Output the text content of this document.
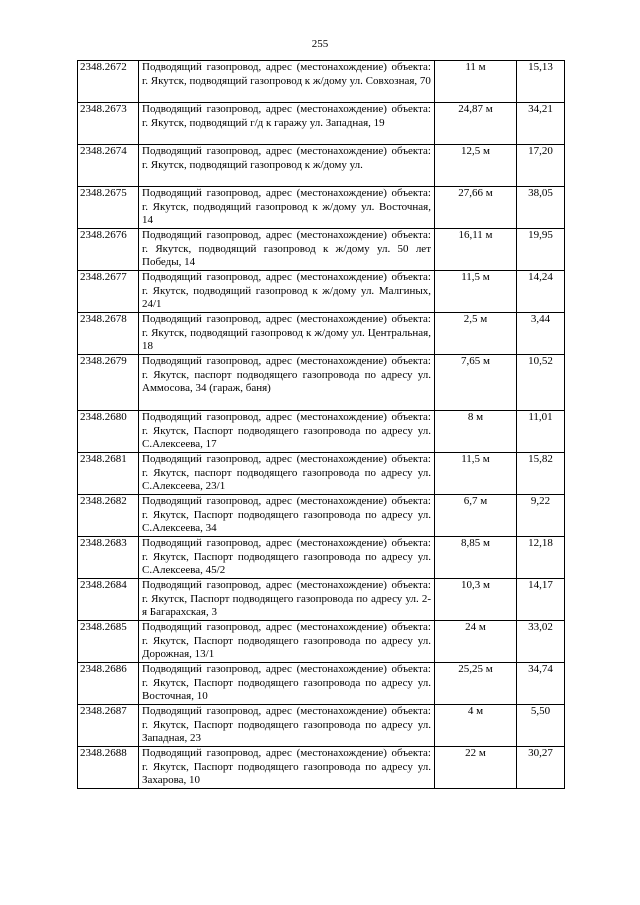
255
2348.2672	Подводящий газопровод, адрес (местонахождение) объекта: г. Якутск, подводящий газопровод к ж/дому ул. Совхозная, 70	11 м	15,13
2348.2673	Подводящий газопровод, адрес (местонахождение) объекта: г. Якутск, подводящий г/д к гаражу ул. Западная, 19	24,87 м	34,21
2348.2674	Подводящий газопровод, адрес (местонахождение) объекта: г. Якутск, подводящий газопровод к ж/дому ул.	12,5 м	17,20
2348.2675	Подводящий газопровод, адрес (местонахождение) объекта: г. Якутск, подводящий газопровод к ж/дому ул. Восточная, 14	27,66 м	38,05
2348.2676	Подводящий газопровод, адрес (местонахождение) объекта: г. Якутск, подводящий газопровод к ж/дому ул. 50 лет Победы, 14	16,11 м	19,95
2348.2677	Подводящий газопровод, адрес (местонахождение) объекта: г. Якутск, подводящий газопровод к ж/дому ул. Малгиных, 24/1	11,5 м	14,24
2348.2678	Подводящий газопровод, адрес (местонахождение) объекта: г. Якутск, подводящий газопровод к ж/дому ул. Центральная, 18	2,5 м	3,44
2348.2679	Подводящий газопровод, адрес (местонахождение) объекта: г. Якутск, паспорт подводящего газопровода по адресу ул. Аммосова, 34 (гараж, баня)	7,65 м	10,52
2348.2680	Подводящий газопровод, адрес (местонахождение) объекта: г. Якутск, Паспорт подводящего газопровода по адресу ул. С.Алексеева, 17	8 м	11,01
2348.2681	Подводящий газопровод, адрес (местонахождение) объекта: г. Якутск, паспорт подводящего газопровода по адресу ул. С.Алексеева, 23/1	11,5 м	15,82
2348.2682	Подводящий газопровод, адрес (местонахождение) объекта: г. Якутск, Паспорт подводящего газопровода по адресу ул. С.Алексеева, 34	6,7 м	9,22
2348.2683	Подводящий газопровод, адрес (местонахождение) объекта: г. Якутск, Паспорт подводящего газопровода по адресу ул. С.Алексеева, 45/2	8,85 м	12,18
2348.2684	Подводящий газопровод, адрес (местонахождение) объекта: г. Якутск, Паспорт подводящего газопровода по адресу ул. 2-я Багарахская, 3	10,3 м	14,17
2348.2685	Подводящий газопровод, адрес (местонахождение) объекта: г. Якутск, Паспорт подводящего газопровода по адресу ул. Дорожная, 13/1	24 м	33,02
2348.2686	Подводящий газопровод, адрес (местонахождение) объекта: г. Якутск, Паспорт подводящего газопровода по адресу ул. Восточная, 10	25,25 м	34,74
2348.2687	Подводящий газопровод, адрес (местонахождение) объекта: г. Якутск, Паспорт подводящего газопровода по адресу ул. Западная, 23	4 м	5,50
2348.2688	Подводящий газопровод, адрес (местонахождение) объекта: г. Якутск, Паспорт подводящего газопровода по адресу ул. Захарова, 10	22 м	30,27
